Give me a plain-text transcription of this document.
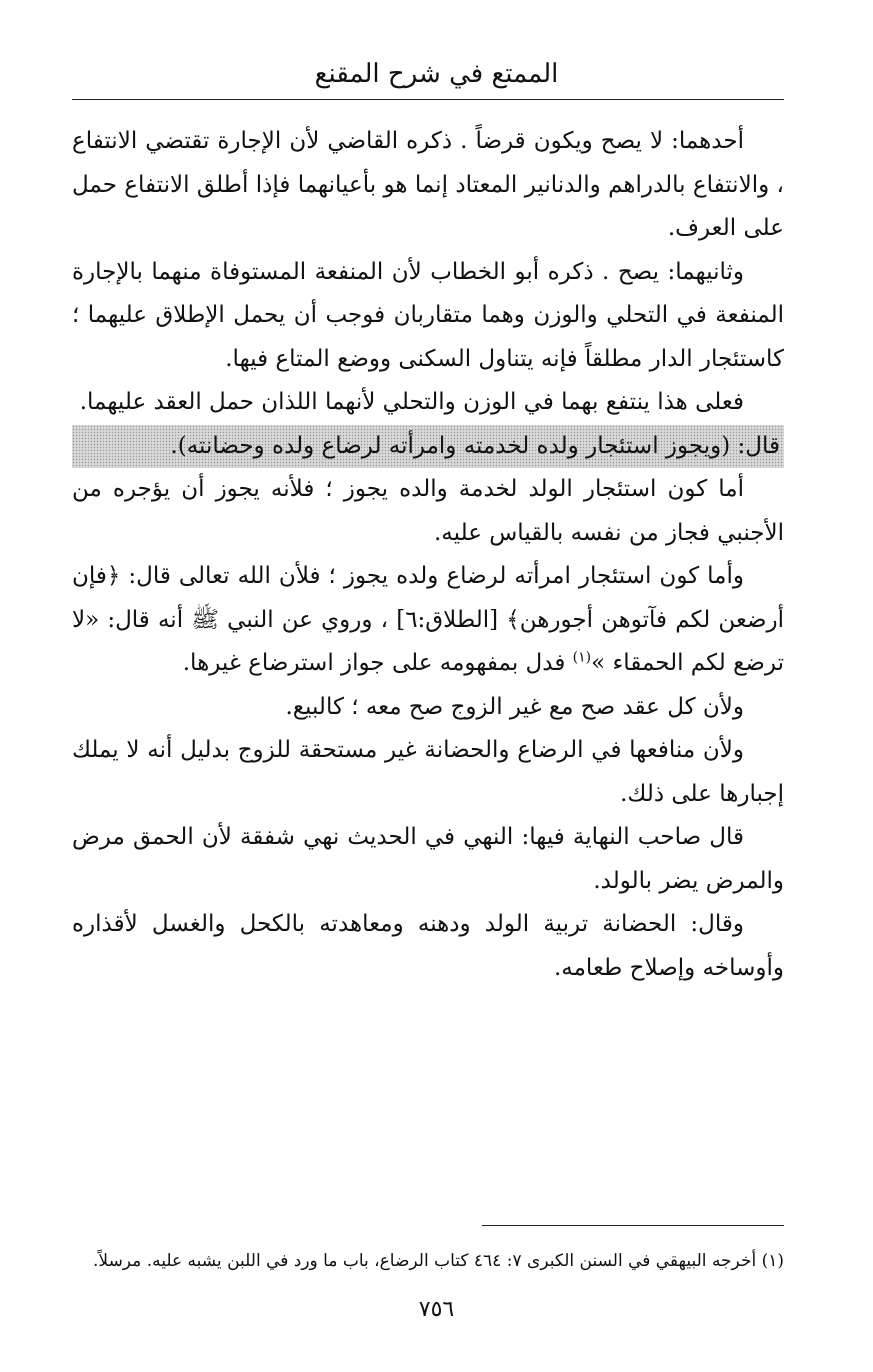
الممتع في شرح المقنع

أحدهما: لا يصح ويكون قرضاً . ذكره القاضي لأن الإجارة تقتضي الانتفاع ، والانتفاع بالدراهم والدنانير المعتاد إنما هو بأعيانهما فإذا أطلق الانتفاع حمل على العرف.

وثانيهما: يصح . ذكره أبو الخطاب لأن المنفعة المستوفاة منهما بالإجارة المنفعة في التحلي والوزن وهما متقاربان فوجب أن يحمل الإطلاق عليهما ؛ كاستئجار الدار مطلقاً فإنه يتناول السكنى ووضع المتاع فيها.

فعلى هذا ينتفع بهما في الوزن والتحلي لأنهما اللذان حمل العقد عليهما.

قال: (ويجوز استئجار ولده لخدمته وامرأته لرضاع ولده وحضانته).

أما كون استئجار الولد لخدمة والده يجوز ؛ فلأنه يجوز أن يؤجره من الأجنبي فجاز من نفسه بالقياس عليه.

وأما كون استئجار امرأته لرضاع ولده يجوز ؛ فلأن الله تعالى قال: ﴿فإن أرضعن لكم فآتوهن أجورهن﴾ [الطلاق:٦] ، وروي عن النبي ﷺ أنه قال: «لا ترضع لكم الحمقاء »$^{(١)}$ فدل بمفهومه على جواز استرضاع غيرها.

ولأن كل عقد صح مع غير الزوج صح معه ؛ كالبيع.

ولأن منافعها في الرضاع والحضانة غير مستحقة للزوج بدليل أنه لا يملك إجبارها على ذلك.

قال صاحب النهاية فيها: النهي في الحديث نهي شفقة لأن الحمق مرض والمرض يضر بالولد.

وقال: الحضانة تربية الولد ودهنه ومعاهدته بالكحل والغسل لأقذاره وأوساخه وإصلاح طعامه.

(١) أخرجه البيهقي في السنن الكبرى ٧: ٤٦٤ كتاب الرضاع، باب ما ورد في اللبن يشبه عليه. مرسلاً.
٧٥٦
